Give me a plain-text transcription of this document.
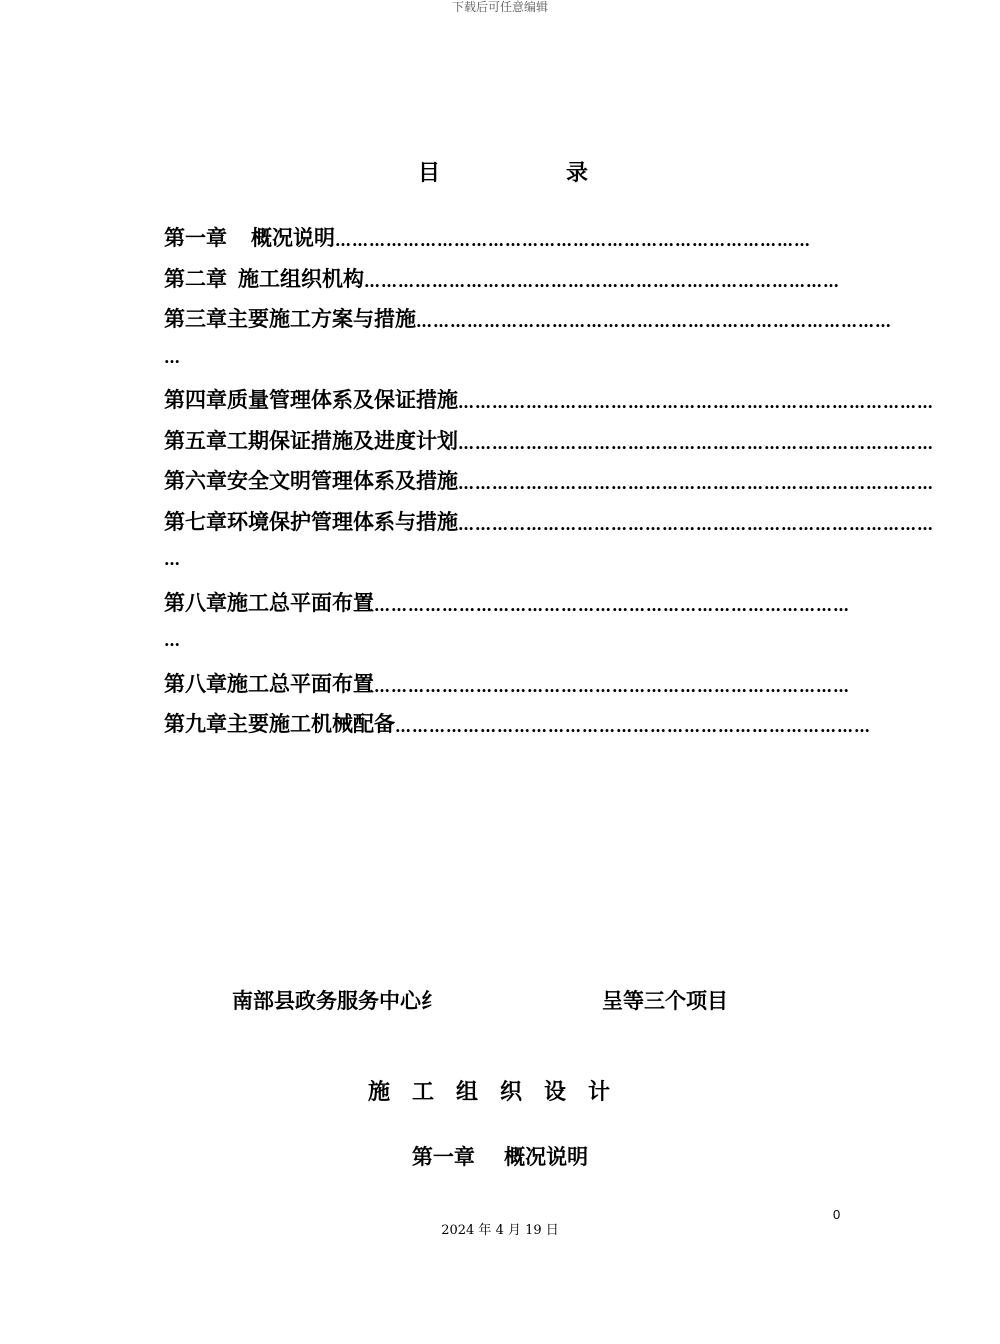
下载后可任意编辑
目	录
第一章 概况说明 …………………………………………………………………………
第二章 施工组织机构 …………………………………………………………………………
第三章 主要施工方案与措施 …………………………………………………………………………
…
第四章 质量管理体系及保证措施 …………………………………………………………………………
第五章 工期保证措施及进度计划 …………………………………………………………………………
第六章 安全文明管理体系及措施 …………………………………………………………………………
第七章 环境保护管理体系与措施 …………………………………………………………………………
…
第八章 施工总平面布置 …………………………………………………………………………
…
第八章 施工总平面布置 …………………………………………………………………………
第九章 主要施工机械配备 …………………………………………………………………………
南部县政务服务中心纟	呈等三个项目
施工组织设计
第一章    概况说明
0
2024 年 4 月 19 日
